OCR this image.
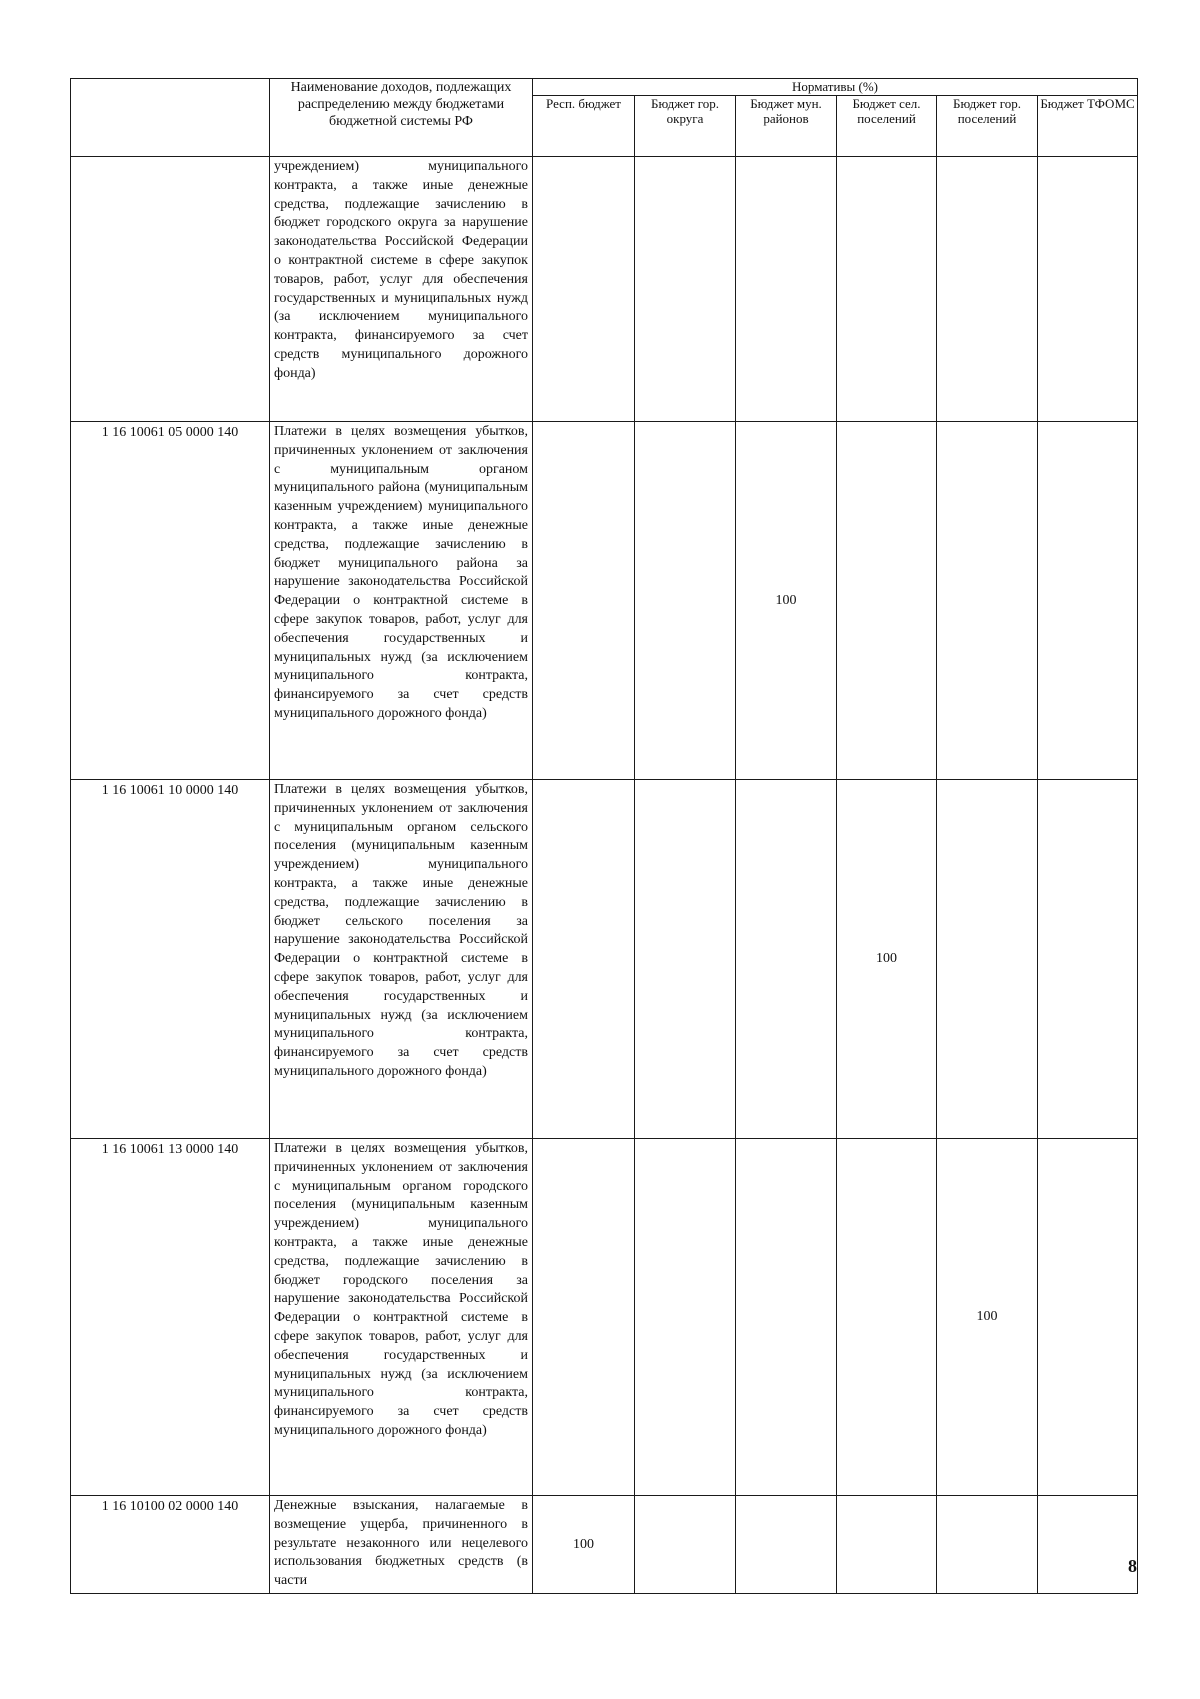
	Наименование доходов, подлежащих распределению между бюджетами бюджетной системы РФ	Нормативы (%)					
		Респ. бюджет	Бюджет гор. округа	Бюджет мун. районов	Бюджет сел. поселений	Бюджет гор. поселений	Бюджет ТФОМС
	учреждением) муниципального контракта, а также иные денежные средства, подлежащие зачислению в бюджет городского округа за нарушение законодательства Российской Федерации о контрактной системе в сфере закупок товаров, работ, услуг для обеспечения государственных и муниципальных нужд (за исключением муниципального контракта, финансируемого за счет средств муниципального дорожного фонда)						
1 16 10061 05 0000 140	Платежи в целях возмещения убытков, причиненных уклонением от заключения с муниципальным органом муниципального района (муниципальным казенным учреждением) муниципального контракта, а также иные денежные средства, подлежащие зачислению в бюджет муниципального района за нарушение законодательства Российской Федерации о контрактной системе в сфере закупок товаров, работ, услуг для обеспечения государственных и муниципальных нужд (за исключением муниципального контракта, финансируемого за счет средств муниципального дорожного фонда)			100			
1 16 10061 10 0000 140	Платежи в целях возмещения убытков, причиненных уклонением от заключения с муниципальным органом сельского поселения (муниципальным казенным учреждением) муниципального контракта, а также иные денежные средства, подлежащие зачислению в бюджет сельского поселения за нарушение законодательства Российской Федерации о контрактной системе в сфере закупок товаров, работ, услуг для обеспечения государственных и муниципальных нужд (за исключением муниципального контракта, финансируемого за счет средств муниципального дорожного фонда)				100		
1 16 10061 13 0000 140	Платежи в целях возмещения убытков, причиненных уклонением от заключения с муниципальным органом городского поселения (муниципальным казенным учреждением) муниципального контракта, а также иные денежные средства, подлежащие зачислению в бюджет городского поселения за нарушение законодательства Российской Федерации о контрактной системе в сфере закупок товаров, работ, услуг для обеспечения государственных и муниципальных нужд (за исключением муниципального контракта, финансируемого за счет средств муниципального дорожного фонда)					100	
1 16 10100 02 0000 140	Денежные взыскания, налагаемые в возмещение ущерба, причиненного в результате незаконного или нецелевого использования бюджетных средств (в части	100					
8
